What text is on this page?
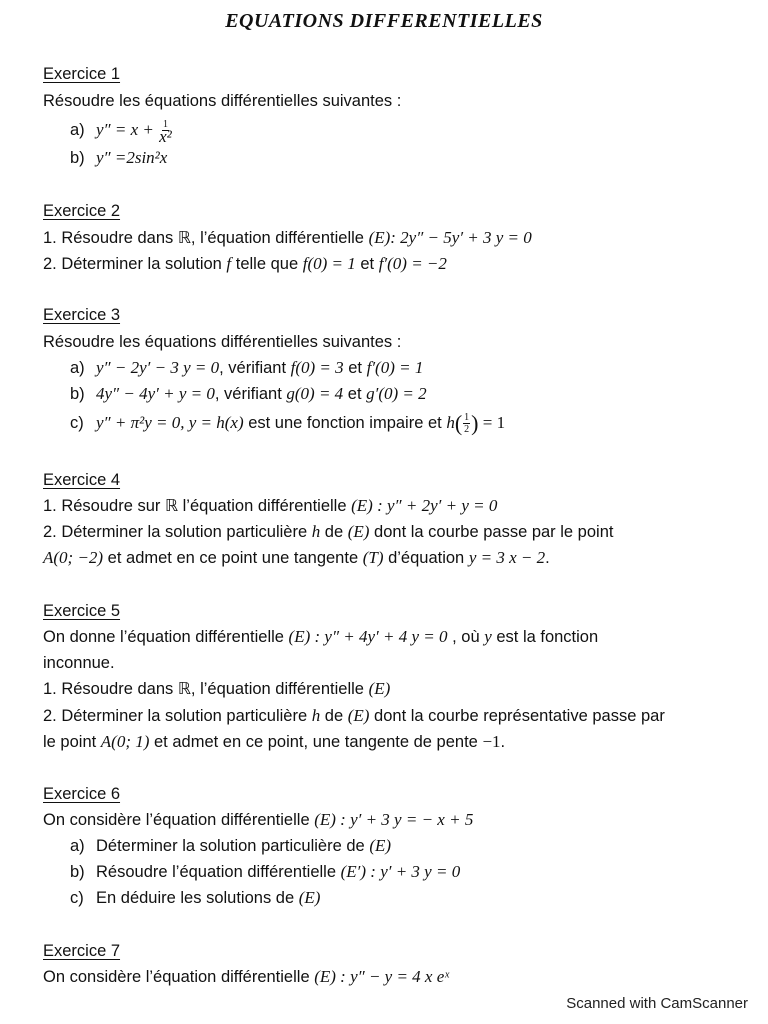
EQUATIONS DIFFERENTIELLES
Exercice 1
Résoudre les équations différentielles suivantes :
a) $y'' = x + \frac{1}{\text{x²}}$
b) y″ =2sin²x
Exercice 2
1. Résoudre dans ℝ, l’équation différentielle (E): 2y″ − 5y′ + 3 y = 0
2. Déterminer la solution f telle que f(0) = 1 et f′(0) = −2
Exercice 3
Résoudre les équations différentielles suivantes :
a) y″ − 2y′ − 3 y = 0, vérifiant f(0) = 3 et f′(0) = 1
b) 4y″ − 4y′ + y = 0, vérifiant g(0) = 4 et g′(0) = 2
c) y″ + π²y = 0, y = h(x) est une fonction impaire et $h( \frac{1}{2}$ ) = 1
Exercice 4
1. Résoudre sur ℝ l’équation différentielle (E) : y″ + 2y′ + y = 0
2. Déterminer la solution particulière h de (E) dont la courbe passe par le point
A(0; −2) et admet en ce point une tangente (T) d’équation y = 3 x − 2.
Exercice 5
On donne l’équation différentielle (E) : y″ + 4y′ + 4 y = 0 , où y est la fonction
inconnue.
1. Résoudre dans ℝ, l’équation différentielle (E)
2. Déterminer la solution particulière h de (E) dont la courbe représentative passe par
le point A(0; 1) et admet en ce point, une tangente de pente −1.
Exercice 6
On considère l’équation différentielle (E) : y′ + 3 y = − x + 5
a) Déterminer la solution particulière de (E)
b) Résoudre l’équation différentielle (E′) : y′ + 3 y = 0
c) En déduire les solutions de (E)
Exercice 7
On considère l’équation différentielle (E) : y″ − y = 4 x eˣ
Scanned with CamScanner
